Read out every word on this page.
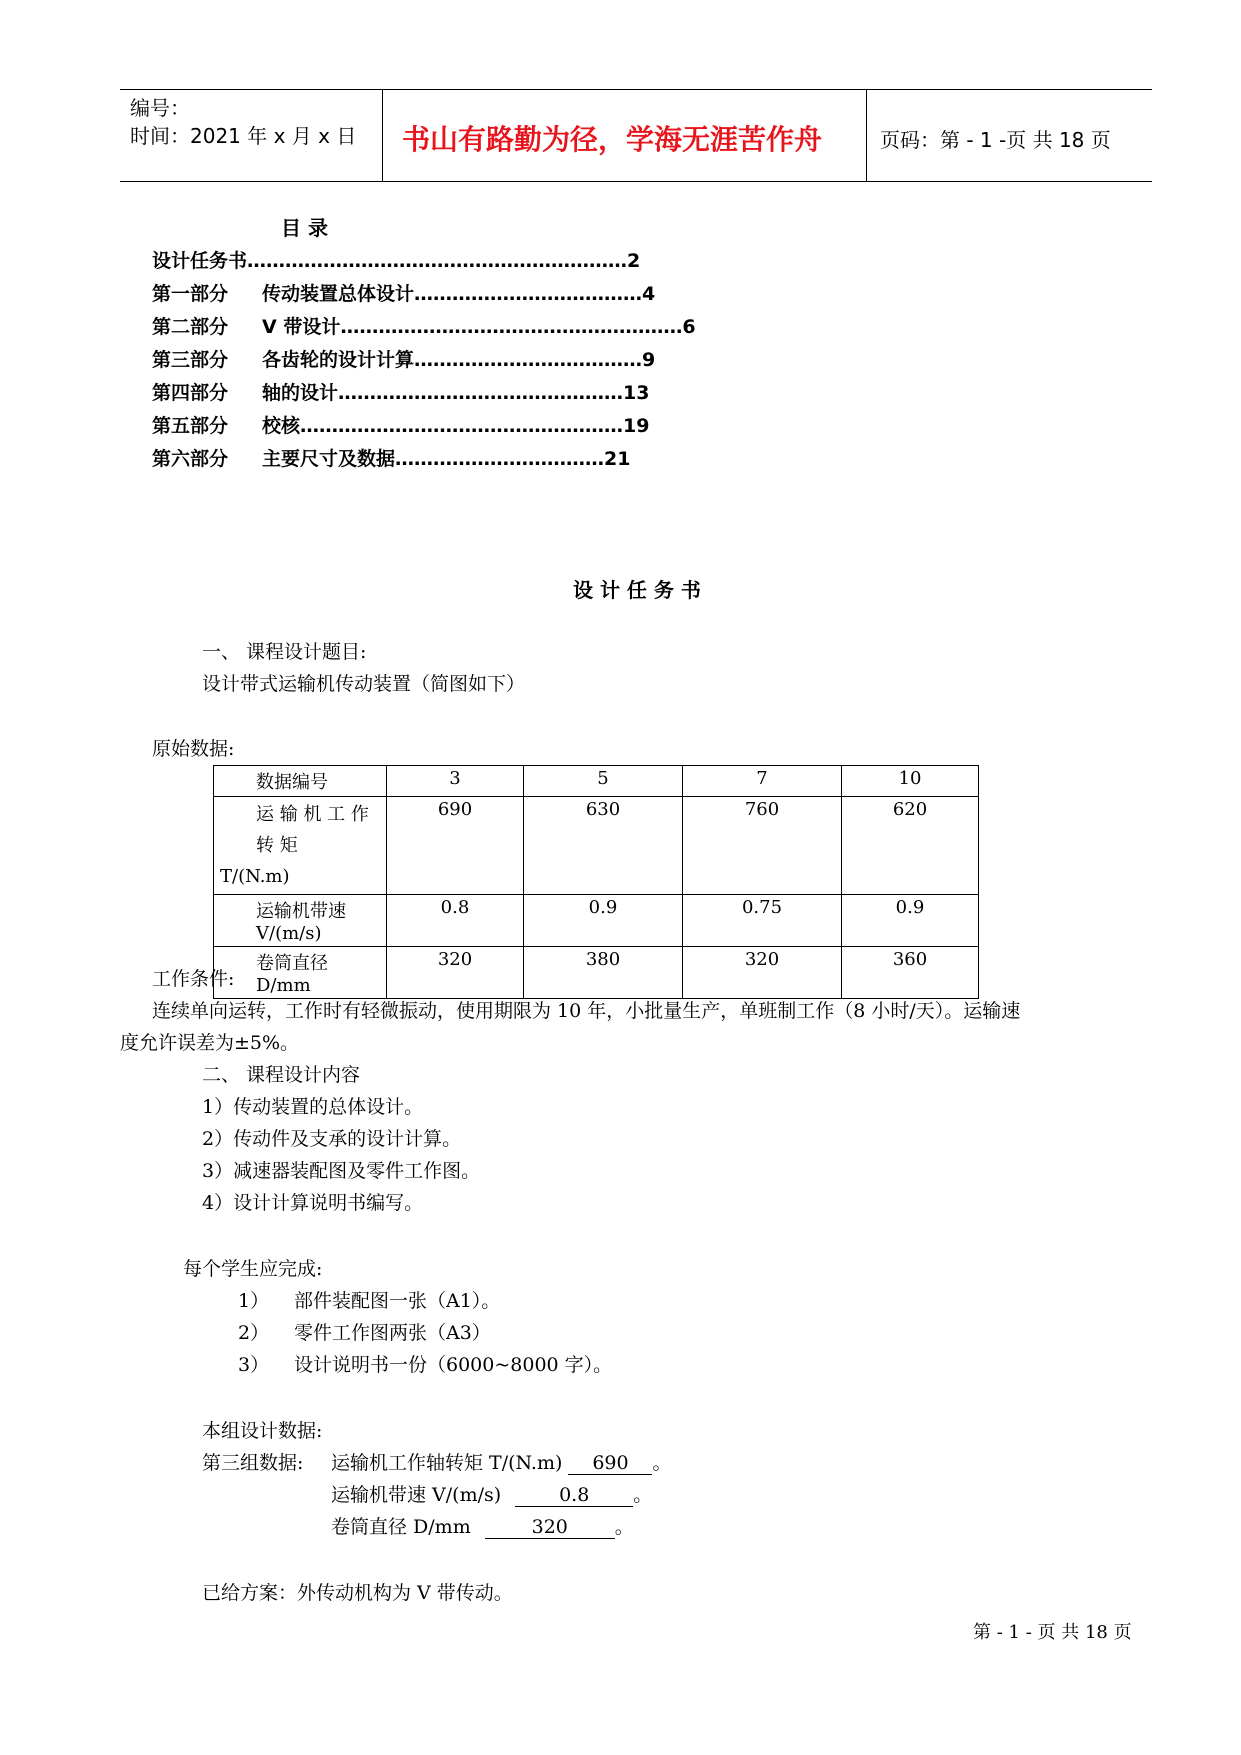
编号：
时间：2021 年 x 月 x 日 书山有路勤为径，学海无涯苦作舟	页码：第 - 1 -页 共 18 页
目 录
设计任务书……………………………………………………2
第一部分 传动装置总体设计………………………………4
第二部分 V 带设计………………………………………………6
第三部分 各齿轮的设计计算………………………………9
第四部分 轴的设计………………………………………13
第五部分 校核……………………………………………19
第六部分 主要尺寸及数据……………………………21
设 计 任 务 书
一、 课程设计题目:
设计带式运输机传动装置（简图如下）
原始数据:
数据编号	3	5	7	10

运 输 机 工 作 转 矩
T/(N.m)	690	630	760	620
运输机带速 V/(m/s)	0.8	0.9	0.75	0.9
卷筒直径 D/mm	320	380	320	360
工作条件:
连续单向运转，工作时有轻微振动，使用期限为 10 年，小批量生产，单班制工作（8 小时/天）。运输速
度允许误差为±5%。
二、 课程设计内容
1）传动装置的总体设计。
2）传动件及支承的设计计算。
3）减速器装配图及零件工作图。
4）设计计算说明书编写。
每个学生应完成:
1） 部件装配图一张（A1）。
2） 零件工作图两张（A3）
3） 设计说明书一份（6000~8000 字）。
本组设计数据:
第三组数据: 运输机工作轴转矩 T/(N.m) 690 。
运输机带速 V/(m/s)	0.8 。
卷筒直径 D/mm	320 。
已给方案：外传动机构为 V 带传动。
第 - 1 - 页 共 18 页
